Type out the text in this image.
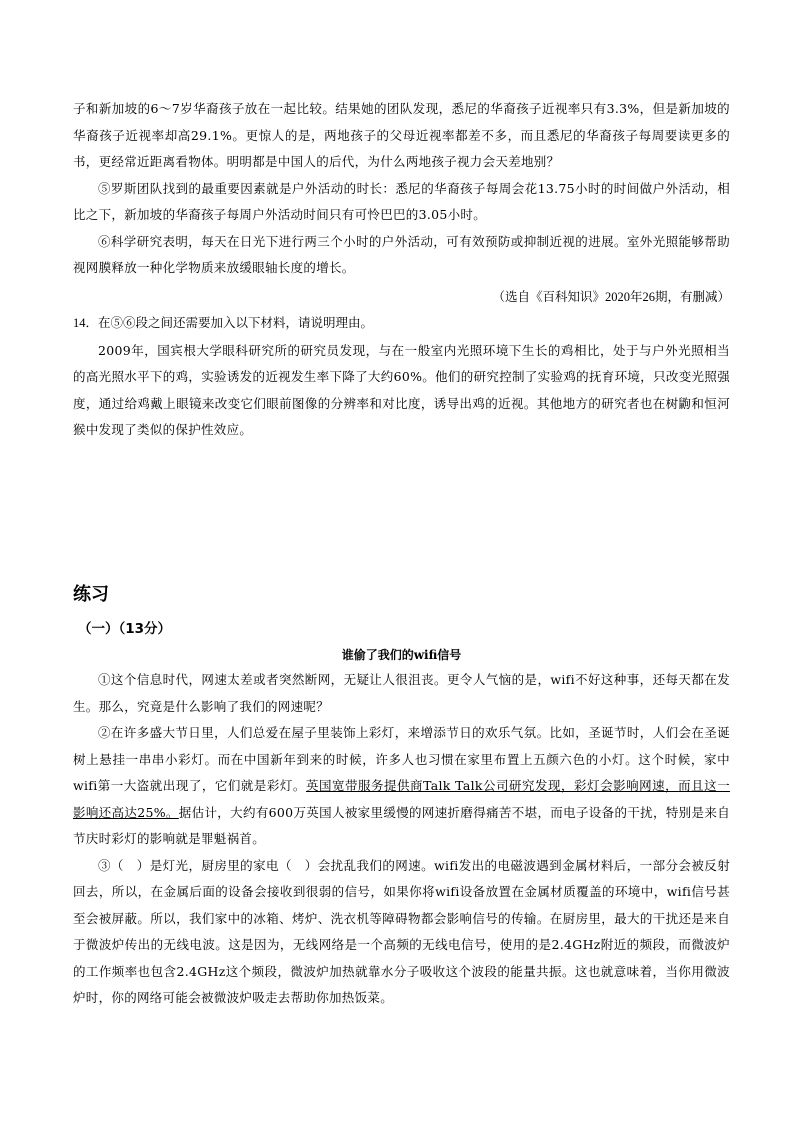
子和新加坡的6～7岁华裔孩子放在一起比较。结果她的团队发现，悉尼的华裔孩子近视率只有3.3%，但是新加坡的华裔孩子近视率却高29.1%。更惊人的是，两地孩子的父母近视率都差不多，而且悉尼的华裔孩子每周要读更多的书，更经常近距离看物体。明明都是中国人的后代，为什么两地孩子视力会天差地别？

⑤罗斯团队找到的最重要因素就是户外活动的时长：悉尼的华裔孩子每周会花13.75小时的时间做户外活动，相比之下，新加坡的华裔孩子每周户外活动时间只有可怜巴巴的3.05小时。

⑥科学研究表明，每天在日光下进行两三个小时的户外活动，可有效预防或抑制近视的进展。室外光照能够帮助视网膜释放一种化学物质来放缓眼轴长度的增长。

（选自《百科知识》2020年26期，有删减）

14．在⑤⑥段之间还需要加入以下材料，请说明理由。

2009年，国宾根大学眼科研究所的研究员发现，与在一般室内光照环境下生长的鸡相比，处于与户外光照相当的高光照水平下的鸡，实验诱发的近视发生率下降了大约60%。他们的研究控制了实验鸡的抚育环境，只改变光照强度，通过给鸡戴上眼镜来改变它们眼前图像的分辨率和对比度，诱导出鸡的近视。其他地方的研究者也在树鼩和恒河猴中发现了类似的保护性效应。

练习

（一）（13分）

谁偷了我们的wifi信号

①这个信息时代，网速太差或者突然断网，无疑让人很沮丧。更令人气恼的是，wifi不好这种事，还每天都在发生。那么，究竟是什么影响了我们的网速呢？

②在许多盛大节日里，人们总爱在屋子里装饰上彩灯，来增添节日的欢乐气氛。比如，圣诞节时，人们会在圣诞树上悬挂一串串小彩灯。而在中国新年到来的时候，许多人也习惯在家里布置上五颜六色的小灯。这个时候，家中wifi第一大盗就出现了，它们就是彩灯。英国宽带服务提供商Talk Talk公司研究发现，彩灯会影响网速，而且这一影响还高达25%。据估计，大约有600万英国人被家里缓慢的网速折磨得痛苦不堪，而电子设备的干扰，特别是来自节庆时彩灯的影响就是罪魁祸首。

③（　）是灯光，厨房里的家电（　）会扰乱我们的网速。wifi发出的电磁波遇到金属材料后，一部分会被反射回去，所以，在金属后面的设备会接收到很弱的信号，如果你将wifi设备放置在金属材质覆盖的环境中，wifi信号甚至会被屏蔽。所以，我们家中的冰箱、烤炉、洗衣机等障碍物都会影响信号的传输。在厨房里，最大的干扰还是来自于微波炉传出的无线电波。这是因为，无线网络是一个高频的无线电信号，使用的是2.4GHz附近的频段，而微波炉的工作频率也包含2.4GHz这个频段，微波炉加热就靠水分子吸收这个波段的能量共振。这也就意味着，当你用微波炉时，你的网络可能会被微波炉吸走去帮助你加热饭菜。
